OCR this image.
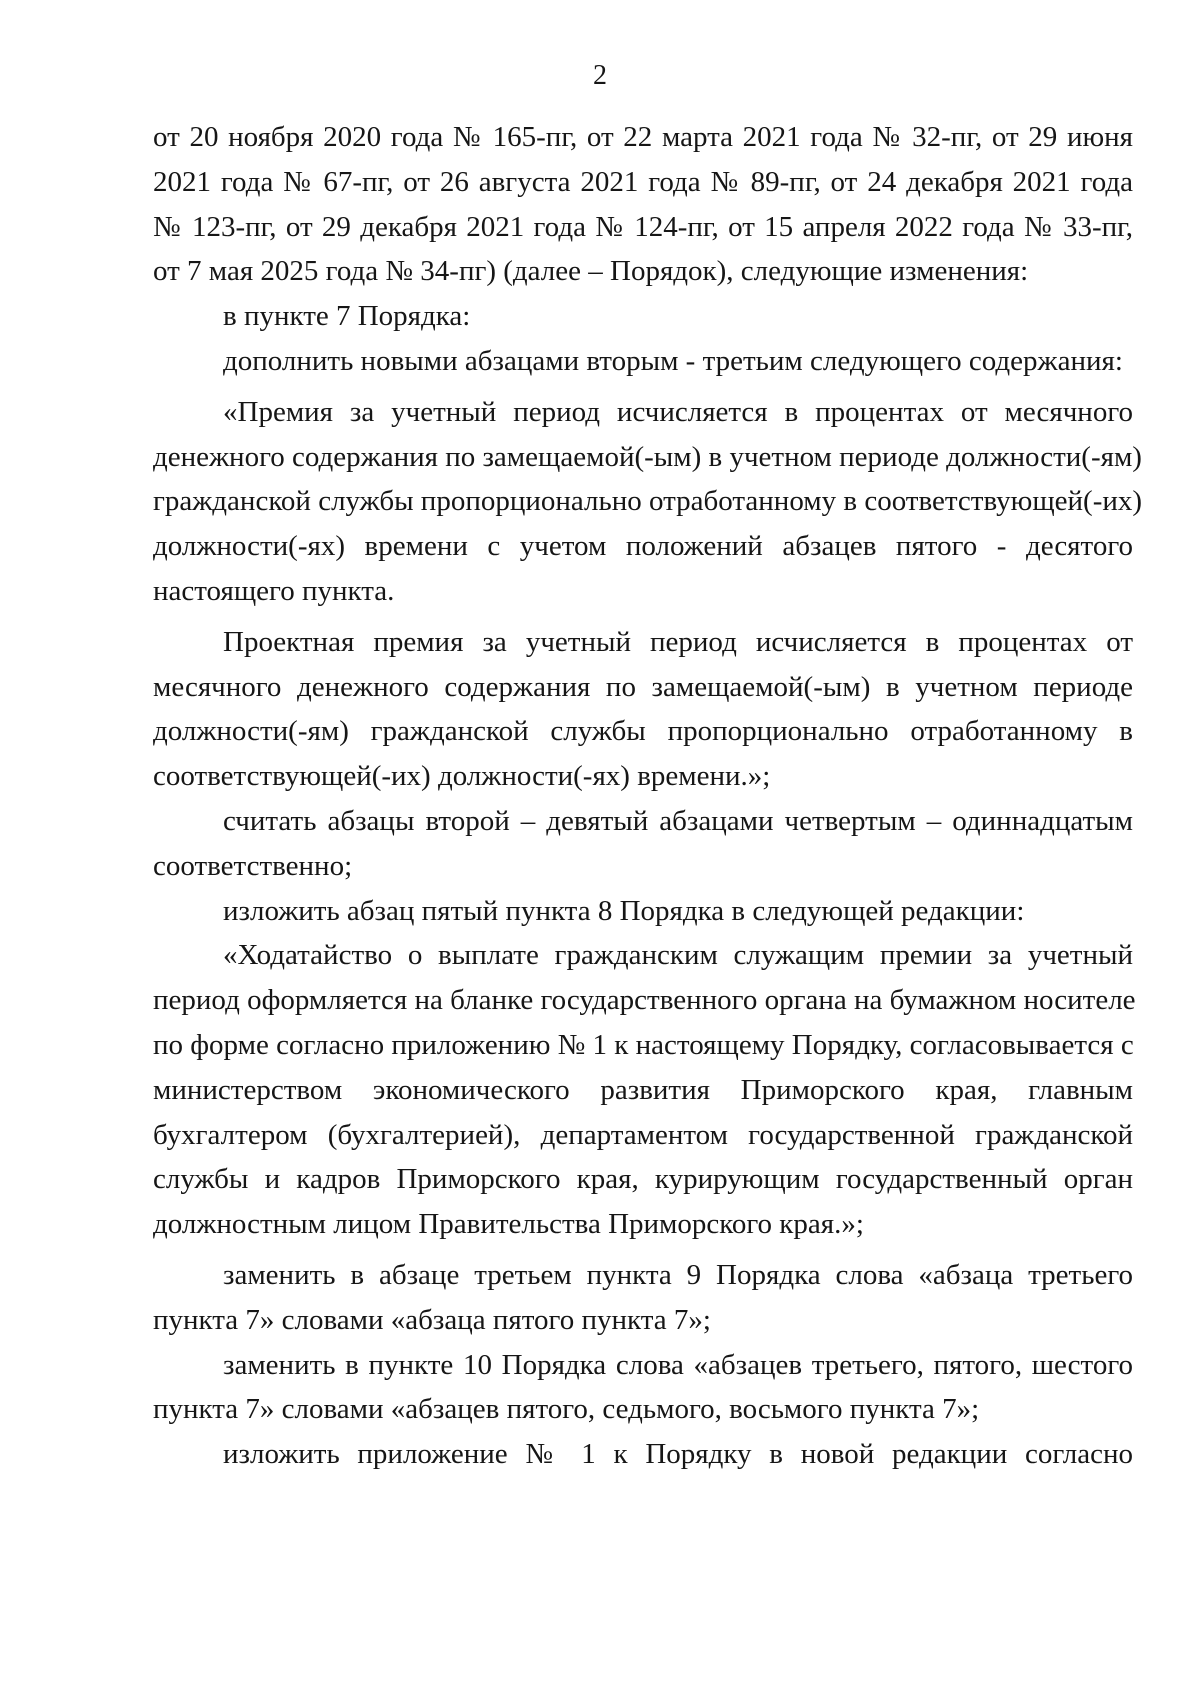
2
от 20 ноября 2020 года № 165-пг, от 22 марта 2021 года № 32-пг, от 29 июня
2021 года № 67-пг, от 26 августа 2021 года № 89-пг, от 24 декабря 2021 года
№ 123-пг, от 29 декабря 2021 года № 124-пг, от 15 апреля 2022 года № 33-пг,
от 7 мая 2025 года № 34-пг) (далее – Порядок), следующие изменения:
в пункте 7 Порядка:
дополнить новыми абзацами вторым - третьим следующего содержания:
«Премия за учетный период исчисляется в процентах от месячного
денежного содержания по замещаемой(-ым) в учетном периоде должности(-ям)
гражданской службы пропорционально отработанному в соответствующей(-их)
должности(-ях) времени с учетом положений абзацев пятого - десятого
настоящего пункта.
Проектная премия за учетный период исчисляется в процентах от
месячного денежного содержания по замещаемой(-ым) в учетном периоде
должности(-ям) гражданской службы пропорционально отработанному в
соответствующей(-их) должности(-ях) времени.»;
считать абзацы второй – девятый абзацами четвертым – одиннадцатым
соответственно;
изложить абзац пятый пункта 8 Порядка в следующей редакции:
«Ходатайство о выплате гражданским служащим премии за учетный
период оформляется на бланке государственного органа на бумажном носителе
по форме согласно приложению № 1 к настоящему Порядку, согласовывается с
министерством экономического развития Приморского края, главным
бухгалтером (бухгалтерией), департаментом государственной гражданской
службы и кадров Приморского края, курирующим государственный орган
должностным лицом Правительства Приморского края.»;
заменить в абзаце третьем пункта 9 Порядка слова «абзаца третьего
пункта 7» словами «абзаца пятого пункта 7»;
заменить в пункте 10 Порядка слова «абзацев третьего, пятого, шестого
пункта 7» словами «абзацев пятого, седьмого, восьмого пункта 7»;
изложить приложение № 1 к Порядку в новой редакции согласно
